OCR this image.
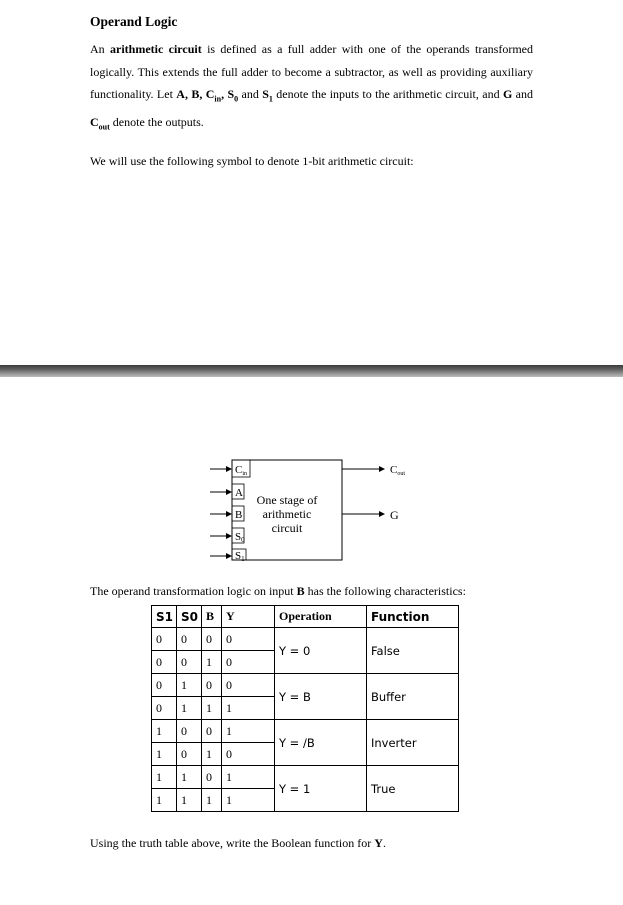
Operand Logic

An arithmetic circuit is defined as a full adder with one of the operands transformed logically. This extends the full adder to become a subtractor, as well as providing auxiliary functionality. Let A, B, $C_{in}$, $S_0$ and $S_1$ denote the inputs to the arithmetic circuit, and G and $C_{out}$ denote the outputs.

We will use the following symbol to denote 1-bit arithmetic circuit:
Cin
A
B
S0
S1
One stage of
arithmetic
circuit
Cout
G
The operand transformation logic on input B has the following characteristics:
S1	S0	B	Y	Operation	Function
0	0	0	0	Y = 0	False
0	0	1	0		
0	1	0	0	Y = B	Buffer
0	1	1	1		
1	0	0	1	Y = /B	Inverter
1	0	1	0		
1	1	0	1	Y = 1	True
1	1	1	1		
Using the truth table above, write the Boolean function for Y.
